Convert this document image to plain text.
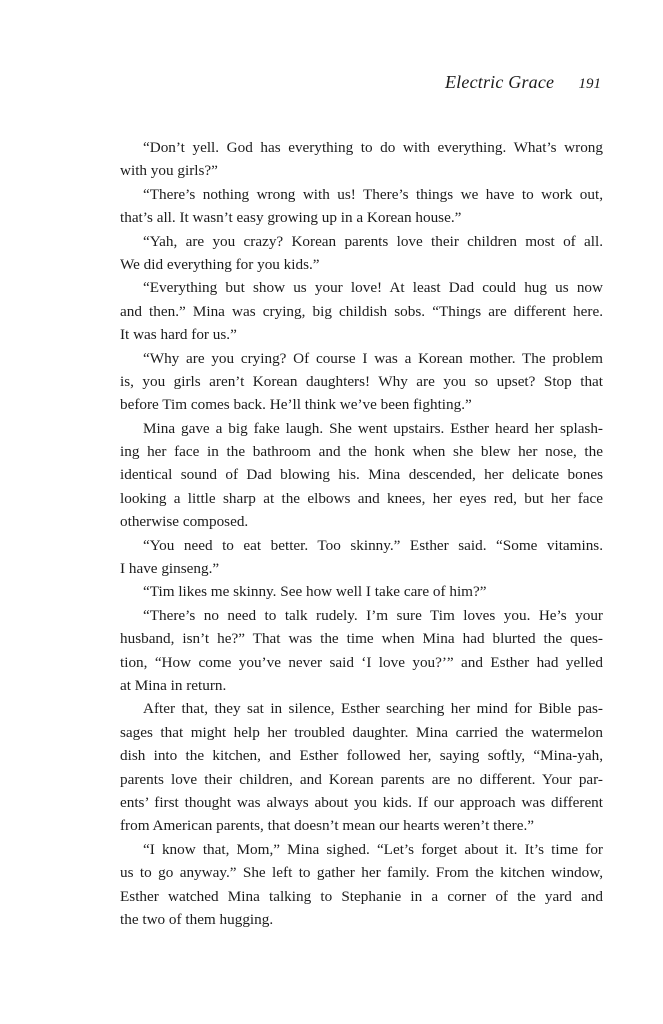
Electric Grace 191

“Don’t yell. God has everything to do with everything. What’s wrong
with you girls?”

“There’s nothing wrong with us! There’s things we have to work out,
that’s all. It wasn’t easy growing up in a Korean house.”

“Yah, are you crazy? Korean parents love their children most of all.
We did everything for you kids.”

“Everything but show us your love! At least Dad could hug us now
and then.” Mina was crying, big childish sobs. “Things are different here.
It was hard for us.”

“Why are you crying? Of course I was a Korean mother. The problem
is, you girls aren’t Korean daughters! Why are you so upset? Stop that
before Tim comes back. He’ll think we’ve been fighting.”

Mina gave a big fake laugh. She went upstairs. Esther heard her splash-
ing her face in the bathroom and the honk when she blew her nose, the
identical sound of Dad blowing his. Mina descended, her delicate bones
looking a little sharp at the elbows and knees, her eyes red, but her face
otherwise composed.

“You need to eat better. Too skinny.” Esther said. “Some vitamins.
I have ginseng.”

“Tim likes me skinny. See how well I take care of him?”

“There’s no need to talk rudely. I’m sure Tim loves you. He’s your
husband, isn’t he?” That was the time when Mina had blurted the ques-
tion, “How come you’ve never said ‘I love you?’” and Esther had yelled
at Mina in return.

After that, they sat in silence, Esther searching her mind for Bible pas-
sages that might help her troubled daughter. Mina carried the watermelon
dish into the kitchen, and Esther followed her, saying softly, “Mina-yah,
parents love their children, and Korean parents are no different. Your par-
ents’ first thought was always about you kids. If our approach was different
from American parents, that doesn’t mean our hearts weren’t there.”

“I know that, Mom,” Mina sighed. “Let’s forget about it. It’s time for
us to go anyway.” She left to gather her family. From the kitchen window,
Esther watched Mina talking to Stephanie in a corner of the yard and
the two of them hugging.
